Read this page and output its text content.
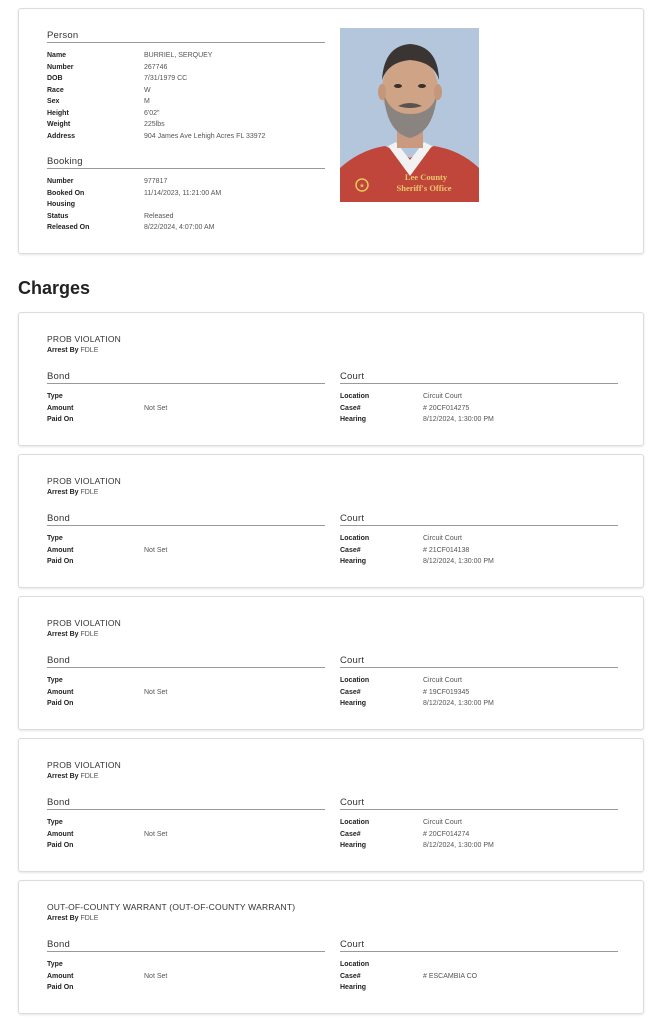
Person
Name	BURRIEL, SERQUEY
Number	267746
DOB	7/31/1979 CC
Race	W
Sex	M
Height	6'02"
Weight	225lbs
Address	904 James Ave Lehigh Acres FL 33972
Booking
Number	977817
Booked On	11/14/2023, 11:21:00 AM
Housing
Status	Released
Released On	8/22/2024, 4:07:00 AM
★
Lee County
Sheriff's Office
Charges
PROB VIOLATION
Arrest By FDLE
Bond	Court
Type
Amount	Not Set
Paid On
Location	Circuit Court
Case#	# 20CF014275
Hearing	8/12/2024, 1:30:00 PM
PROB VIOLATION
Arrest By FDLE
Bond	Court
Type
Amount	Not Set
Paid On
Location	Circuit Court
Case#	# 21CF014138
Hearing	8/12/2024, 1:30:00 PM
PROB VIOLATION
Arrest By FDLE
Bond	Court
Type
Amount	Not Set
Paid On
Location	Circuit Court
Case#	# 19CF019345
Hearing	8/12/2024, 1:30:00 PM
PROB VIOLATION
Arrest By FDLE
Bond	Court
Type
Amount	Not Set
Paid On
Location	Circuit Court
Case#	# 20CF014274
Hearing	8/12/2024, 1:30:00 PM
OUT-OF-COUNTY WARRANT (OUT-OF-COUNTY WARRANT)
Arrest By FDLE
Bond	Court
Type
Amount	Not Set
Paid On
Location
Case#	# ESCAMBIA CO
Hearing
